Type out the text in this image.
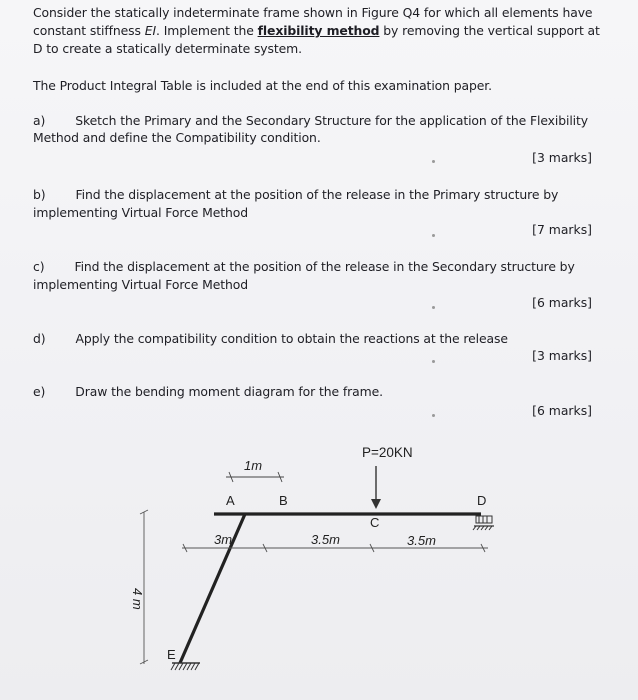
Consider the statically indeterminate frame shown in Figure Q4 for which all elements have
constant stiffness EI. Implement the flexibility method by removing the vertical support at
D to create a statically determinate system.
The Product Integral Table is included at the end of this examination paper.
a) Sketch the Primary and the Secondary Structure for the application of the Flexibility
Method and define the Compatibility condition.
[3 marks]
b) Find the displacement at the position of the release in the Primary structure by
implementing Virtual Force Method
[7 marks]
c) Find the displacement at the position of the release in the Secondary structure by
implementing Virtual Force Method
[6 marks]
d) Apply the compatibility condition to obtain the reactions at the release
[3 marks]
e) Draw the bending moment diagram for the frame.
[6 marks]
1m
A	B	D
C
E
P=20KN
3m	3.5m	3.5m
4 m
